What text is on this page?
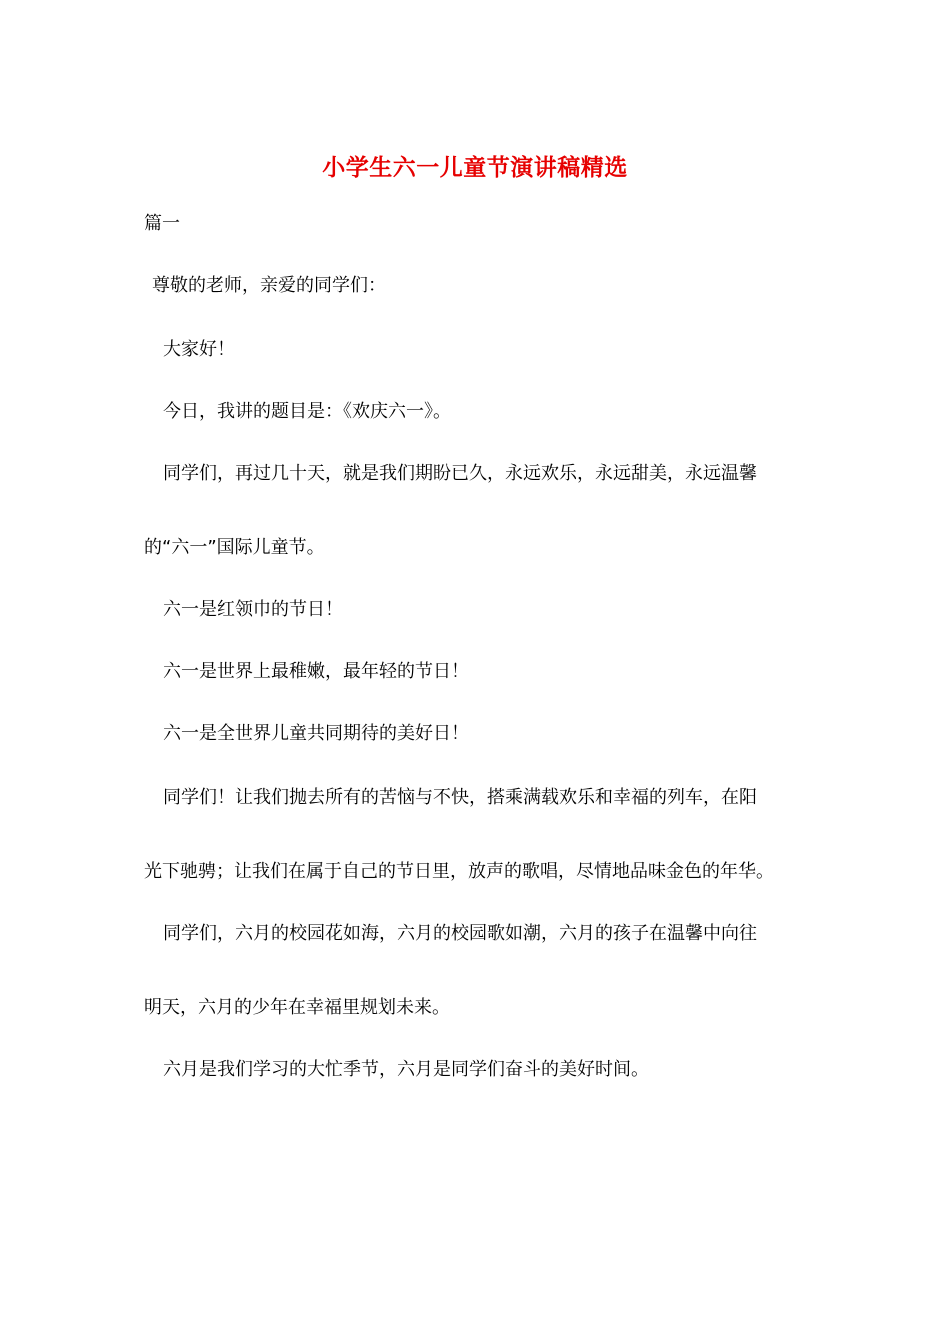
小学生六一儿童节演讲稿精选
篇一
尊敬的老师，亲爱的同学们：
大家好！
今日，我讲的题目是：《欢庆六一》。
同学们，再过几十天，就是我们期盼已久，永远欢乐，永远甜美，永远温馨
的“六一”国际儿童节。
六一是红领巾的节日！
六一是世界上最稚嫩，最年轻的节日！
六一是全世界儿童共同期待的美好日！
同学们！让我们抛去所有的苦恼与不快，搭乘满载欢乐和幸福的列车，在阳
光下驰骋；让我们在属于自己的节日里，放声的歌唱，尽情地品味金色的年华。
同学们，六月的校园花如海，六月的校园歌如潮，六月的孩子在温馨中向往
明天，六月的少年在幸福里规划未来。
六月是我们学习的大忙季节，六月是同学们奋斗的美好时间。
